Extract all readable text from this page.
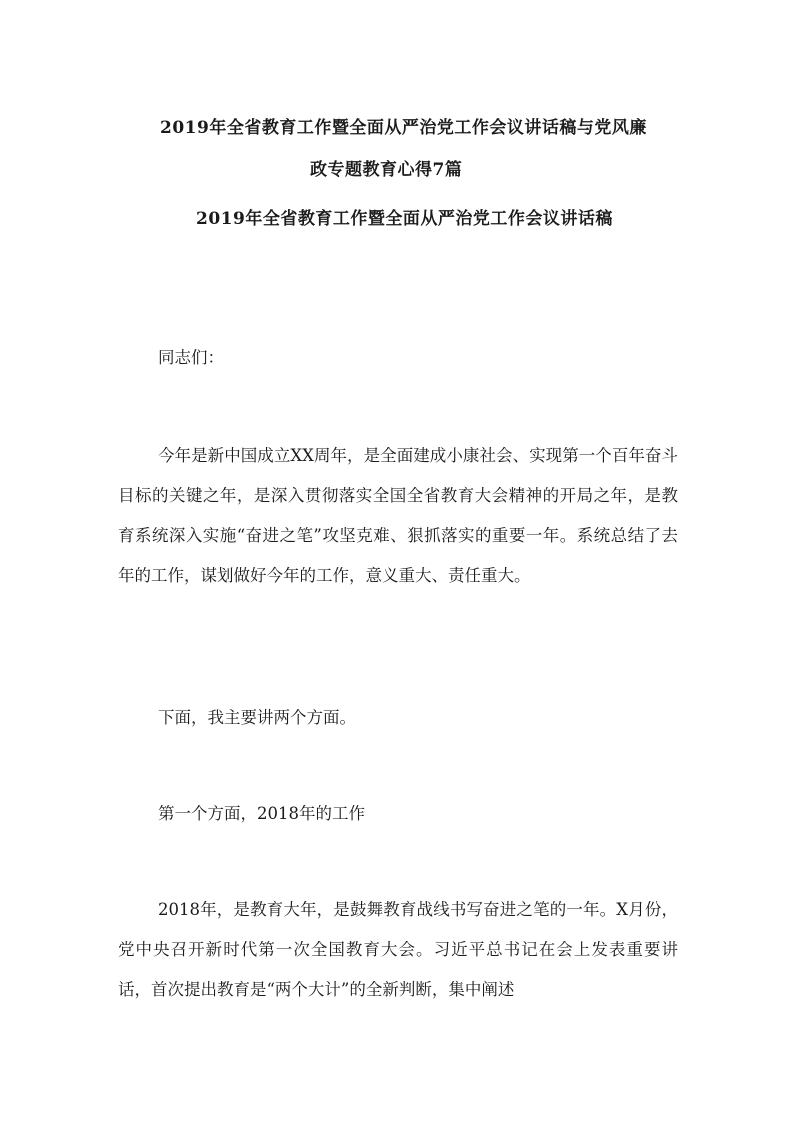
2019年全省教育工作暨全面从严治党工作会议讲话稿与党风廉

政专题教育心得7篇

2019年全省教育工作暨全面从严治党工作会议讲话稿

同志们：

今年是新中国成立XX周年，是全面建成小康社会、实现第一个百年奋斗目标的关键之年，是深入贯彻落实全国全省教育大会精神的开局之年，是教育系统深入实施“奋进之笔”攻坚克难、狠抓落实的重要一年。系统总结了去年的工作，谋划做好今年的工作，意义重大、责任重大。

下面，我主要讲两个方面。

第一个方面，2018年的工作

2018年，是教育大年，是鼓舞教育战线书写奋进之笔的一年。X月份，党中央召开新时代第一次全国教育大会。习近平总书记在会上发表重要讲话，首次提出教育是“两个大计”的全新判断，集中阐述
